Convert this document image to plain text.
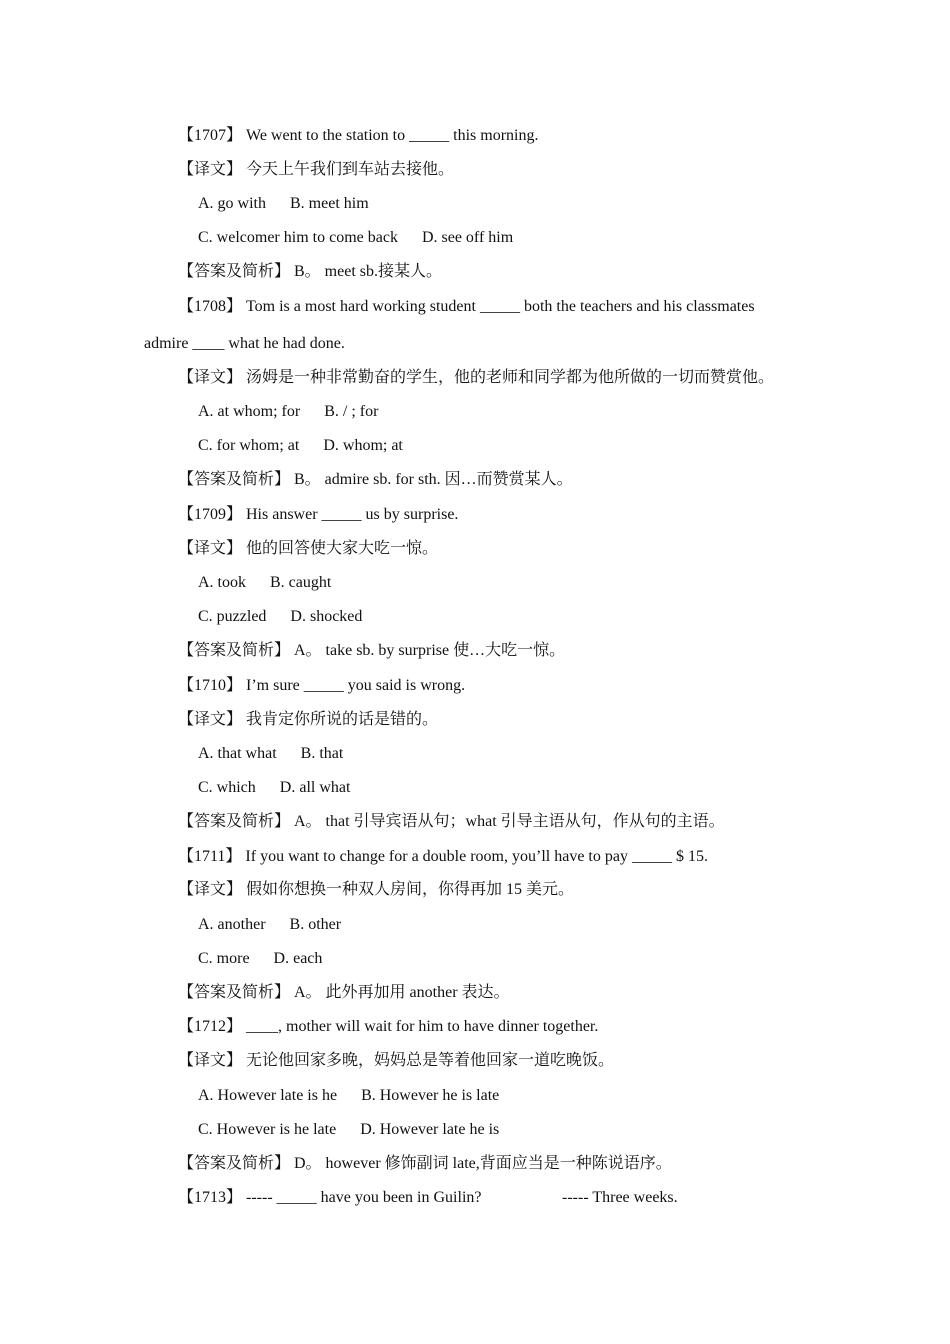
【1707】 We went to the station to _____ this morning.
【译文】 今天上午我们到车站去接他。
A. go with B. meet him
C. welcomer him to come back D. see off him
【答案及简析】 B。 meet sb.接某人。
【1708】 Tom is a most hard working student _____ both the teachers and his classmates
admire ____ what he had done.
【译文】 汤姆是一种非常勤奋的学生，他的老师和同学都为他所做的一切而赞赏他。
A. at whom; for B. / ; for
C. for whom; at D. whom; at
【答案及简析】 B。 admire sb. for sth. 因…而赞赏某人。
【1709】 His answer _____ us by surprise.
【译文】 他的回答使大家大吃一惊。
A. took B. caught
C. puzzled D. shocked
【答案及简析】 A。 take sb. by surprise 使…大吃一惊。
【1710】 I’m sure _____ you said is wrong.
【译文】 我肯定你所说的话是错的。
A. that what B. that
C. which D. all what
【答案及简析】 A。 that 引导宾语从句；what 引导主语从句，作从句的主语。
【1711】 If you want to change for a double room, you’ll have to pay _____ $ 15.
【译文】 假如你想换一种双人房间，你得再加 15 美元。
A. another B. other
C. more D. each
【答案及简析】 A。 此外再加用 another 表达。
【1712】 ____, mother will wait for him to have dinner together.
【译文】 无论他回家多晚，妈妈总是等着他回家一道吃晚饭。
A. However late is he B. However he is late
C. However is he late D. However late he is
【答案及简析】 D。 however 修饰副词 late,背面应当是一种陈说语序。
【1713】 ----- _____ have you been in Guilin?	----- Three weeks.
